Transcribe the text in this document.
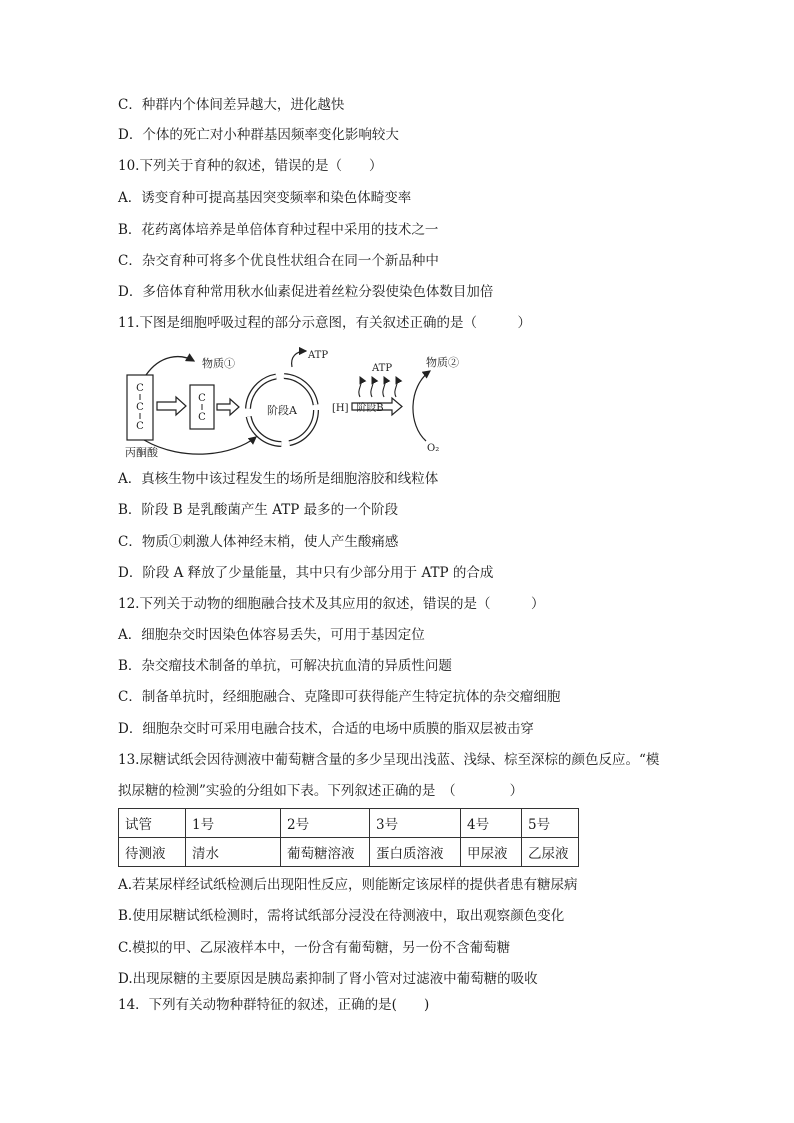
C．种群内个体间差异越大，进化越快
D．个体的死亡对小种群基因频率变化影响较大
10.下列关于育种的叙述，错误的是（　　）
A．诱变育种可提高基因突变频率和染色体畸变率
B．花药离体培养是单倍体育种过程中采用的技术之一
C．杂交育种可将多个优良性状组合在同一个新品种中
D．多倍体育种常用秋水仙素促进着丝粒分裂使染色体数目加倍
11.下图是细胞呼吸过程的部分示意图，有关叙述正确的是（　　　）
C
C
C
丙酮酸
物质①
C
C
阶段A
ATP
[H] 阶段B
ATP	物质②
O₂
A．真核生物中该过程发生的场所是细胞溶胶和线粒体
B．阶段 B 是乳酸菌产生 ATP 最多的一个阶段
C．物质①刺激人体神经末梢，使人产生酸痛感
D．阶段 A 释放了少量能量，其中只有少部分用于 ATP 的合成
12.下列关于动物的细胞融合技术及其应用的叙述，错误的是（　　　）
A．细胞杂交时因染色体容易丢失，可用于基因定位
B．杂交瘤技术制备的单抗，可解决抗血清的异质性问题
C．制备单抗时，经细胞融合、克隆即可获得能产生特定抗体的杂交瘤细胞
D．细胞杂交时可采用电融合技术，合适的电场中质膜的脂双层被击穿
13.尿糖试纸会因待测液中葡萄糖含量的多少呈现出浅蓝、浅绿、棕至深棕的颜色反应。“模
拟尿糖的检测”实验的分组如下表。下列叙述正确的是　（　　　　）
试管	1号	2号	3号	4号	5号
待测液	清水	葡萄糖溶液	蛋白质溶液	甲尿液	乙尿液
A.若某尿样经试纸检测后出现阳性反应，则能断定该尿样的提供者患有糖尿病
B.使用尿糖试纸检测时，需将试纸部分浸没在待测液中，取出观察颜色变化
C.模拟的甲、乙尿液样本中，一份含有葡萄糖，另一份不含葡萄糖
D.出现尿糖的主要原因是胰岛素抑制了肾小管对过滤液中葡萄糖的吸收
14．下列有关动物种群特征的叙述，正确的是(　　)
